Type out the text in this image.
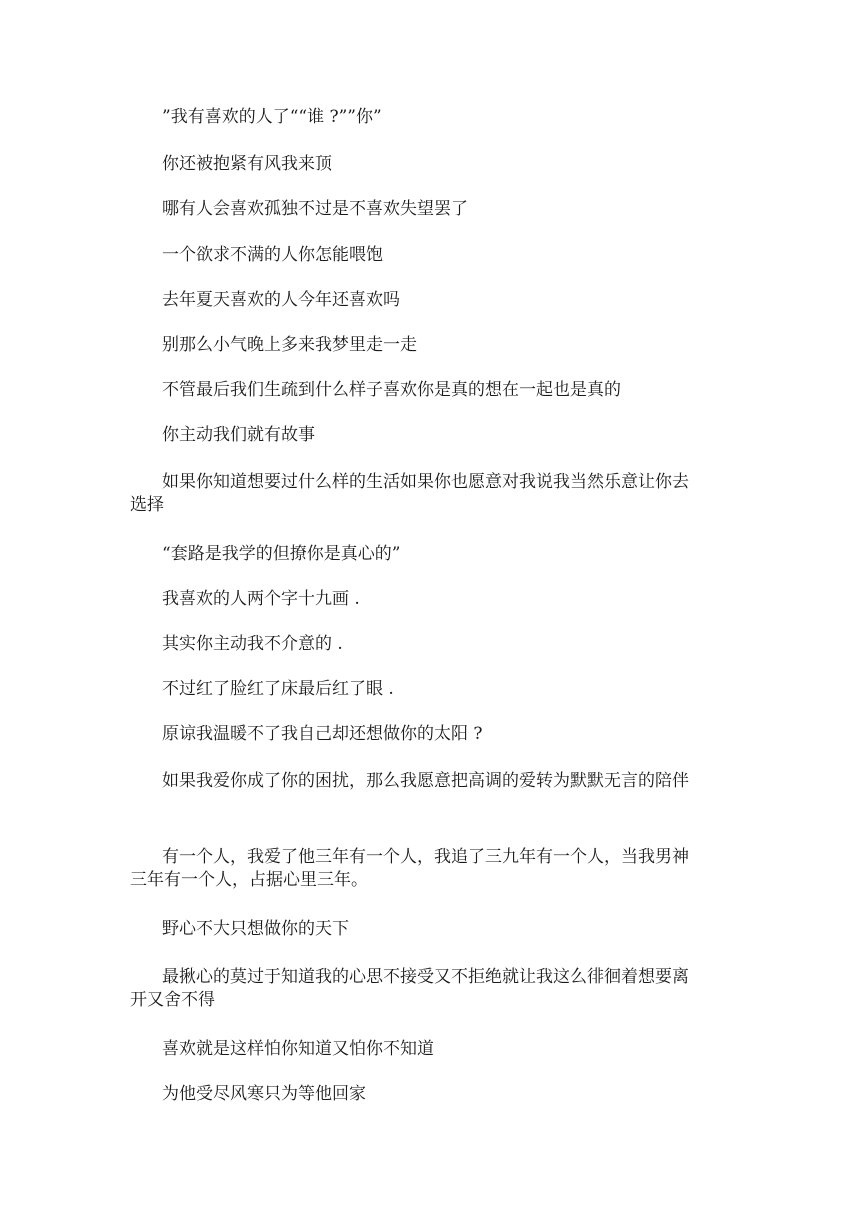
”我有喜欢的人了““谁 ?””你”

你还被抱紧有风我来顶

哪有人会喜欢孤独不过是不喜欢失望罢了

一个欲求不满的人你怎能喂饱

去年夏天喜欢的人今年还喜欢吗

别那么小气晚上多来我梦里走一走

不管最后我们生疏到什么样子喜欢你是真的想在一起也是真的

你主动我们就有故事

如果你知道想要过什么样的生活如果你也愿意对我说我当然乐意让你去选择

“套路是我学的但撩你是真心的”

我喜欢的人两个字十九画 .

其实你主动我不介意的 .

不过红了脸红了床最后红了眼 .

原谅我温暖不了我自己却还想做你的太阳 ?

如果我爱你成了你的困扰，那么我愿意把高调的爱转为默默无言的陪伴

有一个人，我爱了他三年有一个人，我追了三九年有一个人，当我男神三年有一个人，占据心里三年。

野心不大只想做你的天下

最揪心的莫过于知道我的心思不接受又不拒绝就让我这么徘徊着想要离开又舍不得

喜欢就是这样怕你知道又怕你不知道

为他受尽风寒只为等他回家
